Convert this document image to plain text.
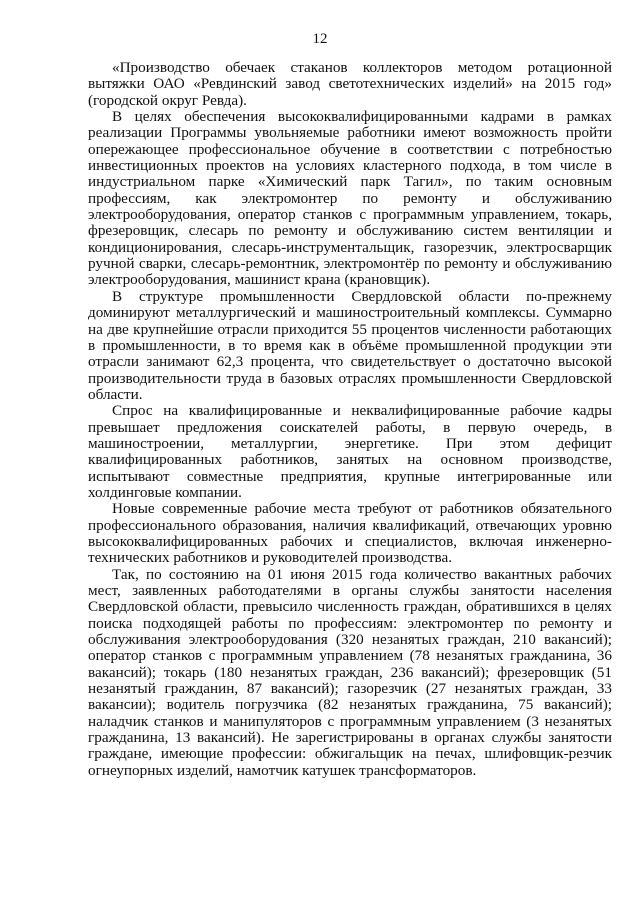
12

«Производство обечаек стаканов коллекторов методом ротационной вытяжки ОАО «Ревдинский завод светотехнических изделий» на 2015 год» (городской округ Ревда).

В целях обеспечения высококвалифицированными кадрами в рамках реализации Программы увольняемые работники имеют возможность пройти опережающее профессиональное обучение в соответствии с потребностью инвестиционных проектов на условиях кластерного подхода, в том числе в индустриальном парке «Химический парк Тагил», по таким основным профессиям, как электромонтер по ремонту и обслуживанию электрооборудования, оператор станков с программным управлением, токарь, фрезеровщик, слесарь по ремонту и обслуживанию систем вентиляции и кондиционирования, слесарь-инструментальщик, газорезчик, электросварщик ручной сварки, слесарь-ремонтник, электромонтёр по ремонту и обслуживанию электрооборудования, машинист крана (крановщик).

В структуре промышленности Свердловской области по-прежнему доминируют металлургический и машиностроительный комплексы. Суммарно на две крупнейшие отрасли приходится 55 процентов численности работающих в промышленности, в то время как в объёме промышленной продукции эти отрасли занимают 62,3 процента, что свидетельствует о достаточно высокой производительности труда в базовых отраслях промышленности Свердловской области.

Спрос на квалифицированные и неквалифицированные рабочие кадры превышает предложения соискателей работы, в первую очередь, в машиностроении, металлургии, энергетике. При этом дефицит квалифицированных работников, занятых на основном производстве, испытывают совместные предприятия, крупные интегрированные или холдинговые компании.

Новые современные рабочие места требуют от работников обязательного профессионального образования, наличия квалификаций, отвечающих уровню высококвалифицированных рабочих и специалистов, включая инженерно-технических работников и руководителей производства.

Так, по состоянию на 01 июня 2015 года количество вакантных рабочих мест, заявленных работодателями в органы службы занятости населения Свердловской области, превысило численность граждан, обратившихся в целях поиска подходящей работы по профессиям: электромонтер по ремонту и обслуживания электрооборудования (320 незанятых граждан, 210 вакансий); оператор станков с программным управлением (78 незанятых гражданина, 36 вакансий); токарь (180 незанятых граждан, 236 вакансий); фрезеровщик (51 незанятый гражданин, 87 вакансий); газорезчик (27 незанятых граждан, 33 вакансии); водитель погрузчика (82 незанятых гражданина, 75 вакансий); наладчик станков и манипуляторов с программным управлением (3 незанятых гражданина, 13 вакансий). Не зарегистрированы в органах службы занятости граждане, имеющие профессии: обжигальщик на печах, шлифовщик-резчик огнеупорных изделий, намотчик катушек трансформаторов.
